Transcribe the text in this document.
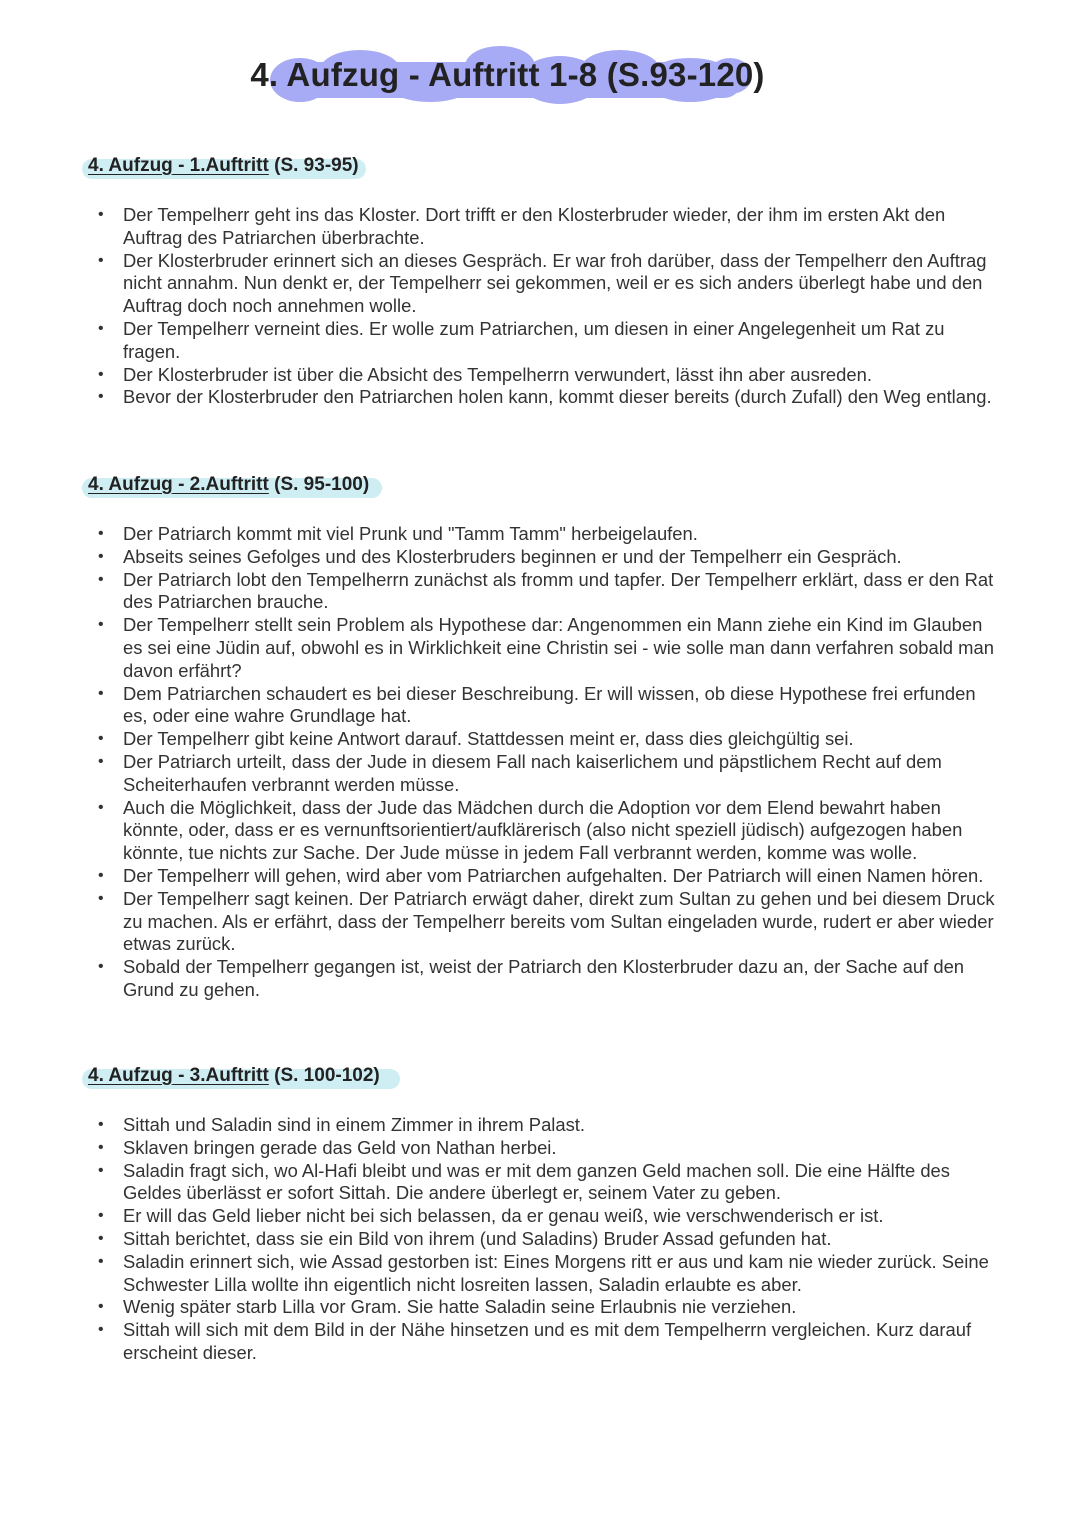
4. Aufzug - Auftritt 1-8 (S.93-120)
4. Aufzug - 1.Auftritt (S. 93-95)
• Der Tempelherr geht ins das Kloster. Dort trifft er den Klosterbruder wieder, der ihm im ersten Akt den Auftrag des Patriarchen überbrachte.
• Der Klosterbruder erinnert sich an dieses Gespräch. Er war froh darüber, dass der Tempelherr den Auftrag nicht annahm. Nun denkt er, der Tempelherr sei gekommen, weil er es sich anders überlegt habe und den Auftrag doch noch annehmen wolle.
• Der Tempelherr verneint dies. Er wolle zum Patriarchen, um diesen in einer Angelegenheit um Rat zu fragen.
• Der Klosterbruder ist über die Absicht des Tempelherrn verwundert, lässt ihn aber ausreden.
• Bevor der Klosterbruder den Patriarchen holen kann, kommt dieser bereits (durch Zufall) den Weg entlang.
4. Aufzug - 2.Auftritt (S. 95-100)
• Der Patriarch kommt mit viel Prunk und "Tamm Tamm" herbeigelaufen.
• Abseits seines Gefolges und des Klosterbruders beginnen er und der Tempelherr ein Gespräch.
• Der Patriarch lobt den Tempelherrn zunächst als fromm und tapfer. Der Tempelherr erklärt, dass er den Rat des Patriarchen brauche.
• Der Tempelherr stellt sein Problem als Hypothese dar: Angenommen ein Mann ziehe ein Kind im Glauben es sei eine Jüdin auf, obwohl es in Wirklichkeit eine Christin sei - wie solle man dann verfahren sobald man davon erfährt?
• Dem Patriarchen schaudert es bei dieser Beschreibung. Er will wissen, ob diese Hypothese frei erfunden es, oder eine wahre Grundlage hat.
• Der Tempelherr gibt keine Antwort darauf. Stattdessen meint er, dass dies gleichgültig sei.
• Der Patriarch urteilt, dass der Jude in diesem Fall nach kaiserlichem und päpstlichem Recht auf dem Scheiterhaufen verbrannt werden müsse.
• Auch die Möglichkeit, dass der Jude das Mädchen durch die Adoption vor dem Elend bewahrt haben könnte, oder, dass er es vernunftsorientiert/aufklärerisch (also nicht speziell jüdisch) aufgezogen haben könnte, tue nichts zur Sache. Der Jude müsse in jedem Fall verbrannt werden, komme was wolle.
• Der Tempelherr will gehen, wird aber vom Patriarchen aufgehalten. Der Patriarch will einen Namen hören.
• Der Tempelherr sagt keinen. Der Patriarch erwägt daher, direkt zum Sultan zu gehen und bei diesem Druck zu machen. Als er erfährt, dass der Tempelherr bereits vom Sultan eingeladen wurde, rudert er aber wieder etwas zurück.
• Sobald der Tempelherr gegangen ist, weist der Patriarch den Klosterbruder dazu an, der Sache auf den Grund zu gehen.
4. Aufzug - 3.Auftritt (S. 100-102)
• Sittah und Saladin sind in einem Zimmer in ihrem Palast.
• Sklaven bringen gerade das Geld von Nathan herbei.
• Saladin fragt sich, wo Al-Hafi bleibt und was er mit dem ganzen Geld machen soll. Die eine Hälfte des Geldes überlässt er sofort Sittah. Die andere überlegt er, seinem Vater zu geben.
• Er will das Geld lieber nicht bei sich belassen, da er genau weiß, wie verschwenderisch er ist.
• Sittah berichtet, dass sie ein Bild von ihrem (und Saladins) Bruder Assad gefunden hat.
• Saladin erinnert sich, wie Assad gestorben ist: Eines Morgens ritt er aus und kam nie wieder zurück. Seine Schwester Lilla wollte ihn eigentlich nicht losreiten lassen, Saladin erlaubte es aber.
• Wenig später starb Lilla vor Gram. Sie hatte Saladin seine Erlaubnis nie verziehen.
• Sittah will sich mit dem Bild in der Nähe hinsetzen und es mit dem Tempelherrn vergleichen. Kurz darauf erscheint dieser.
